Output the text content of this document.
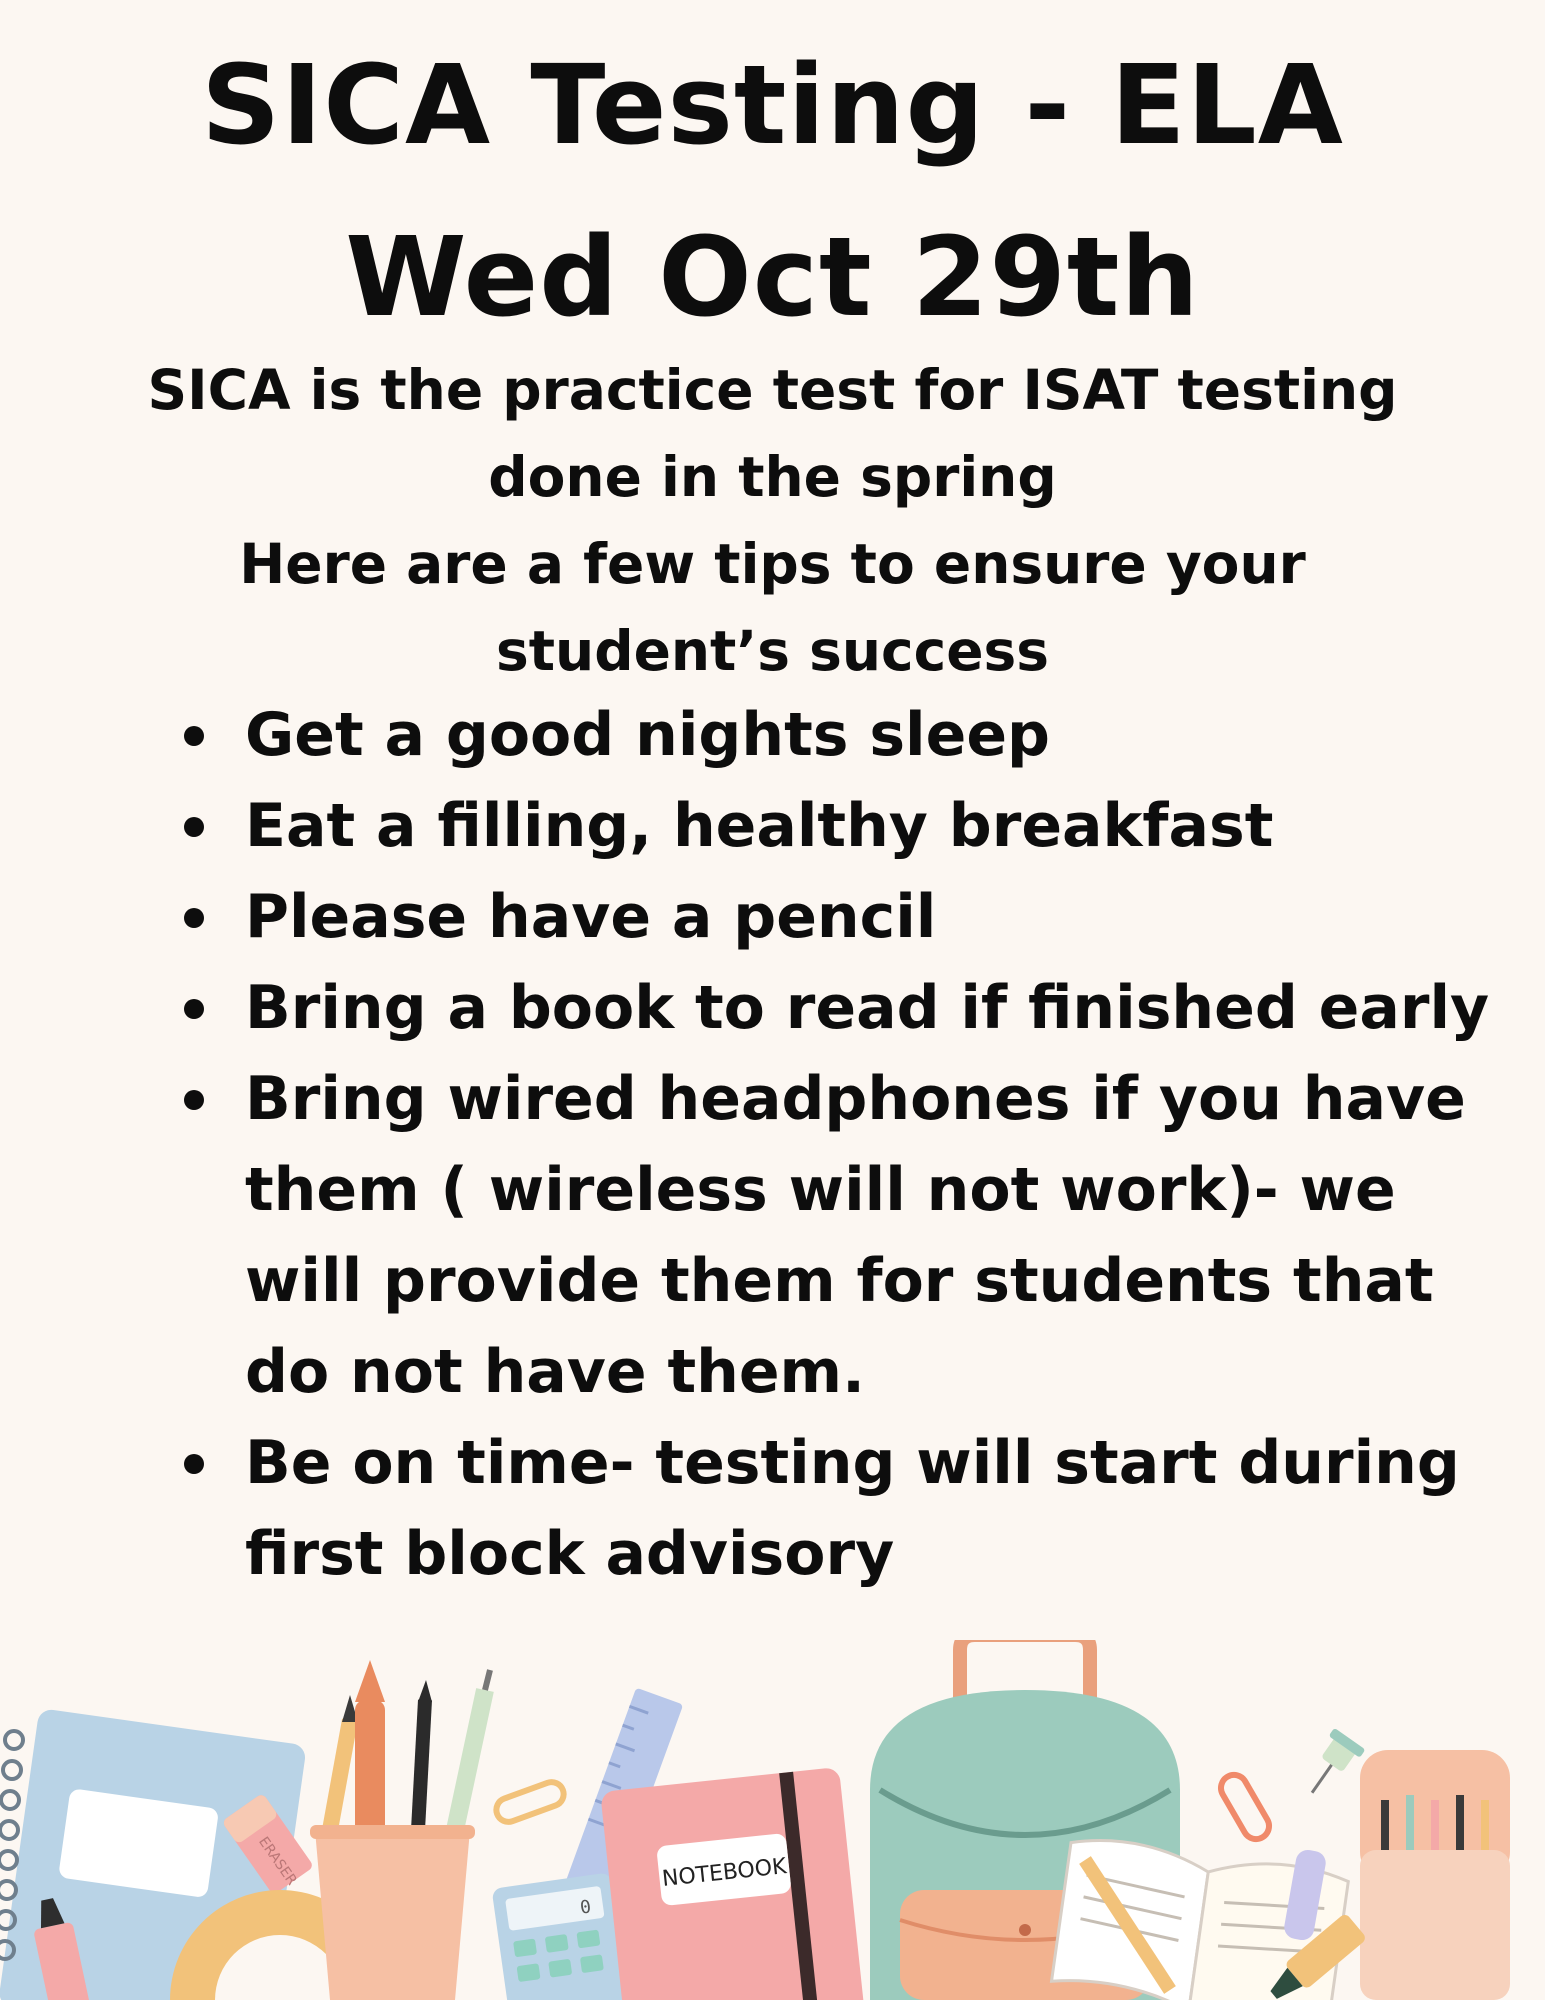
SICA Testing - ELA
Wed Oct 29th
SICA is the practice test for ISAT testing
done in the spring
Here are a few tips to ensure your
student’s success
Get a good nights sleep
Eat a filling, healthy breakfast
Please have a pencil
Bring a book to read if finished early
Bring wired headphones if you have
them ( wireless will not work)- we
will provide them for students that
do not have them.
Be on time- testing will start during
first block advisory
ERASER
0
NOTEBOOK
